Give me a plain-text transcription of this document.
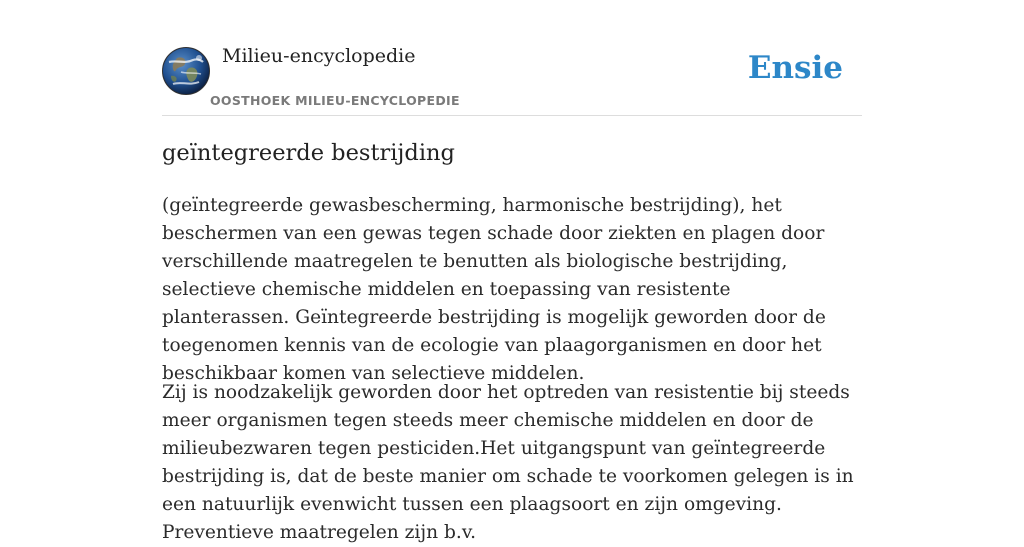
Milieu-encyclopedie
OOSTHOEK MILIEU-ENCYCLOPEDIE
Ensie
geïntegreerde bestrijding

(geïntegreerde gewasbescherming, harmonische bestrijding), het beschermen van een gewas tegen schade door ziekten en plagen door verschillende maatregelen te benutten als biologische bestrijding, selectieve chemische middelen en toepassing van resistente planterassen. Geïntegreerde bestrijding is mogelijk geworden door de toegenomen kennis van de ecologie van plaagorganismen en door het beschikbaar komen van selectieve middelen.

Zij is noodzakelijk geworden door het optreden van resistentie bij steeds meer organismen tegen steeds meer chemische middelen en door de milieubezwaren tegen pesticiden.Het uitgangspunt van geïntegreerde bestrijding is, dat de beste manier om schade te voorkomen gelegen is in een natuurlijk evenwicht tussen een plaagsoort en zijn omgeving. Preventieve maatregelen zijn b.v.
